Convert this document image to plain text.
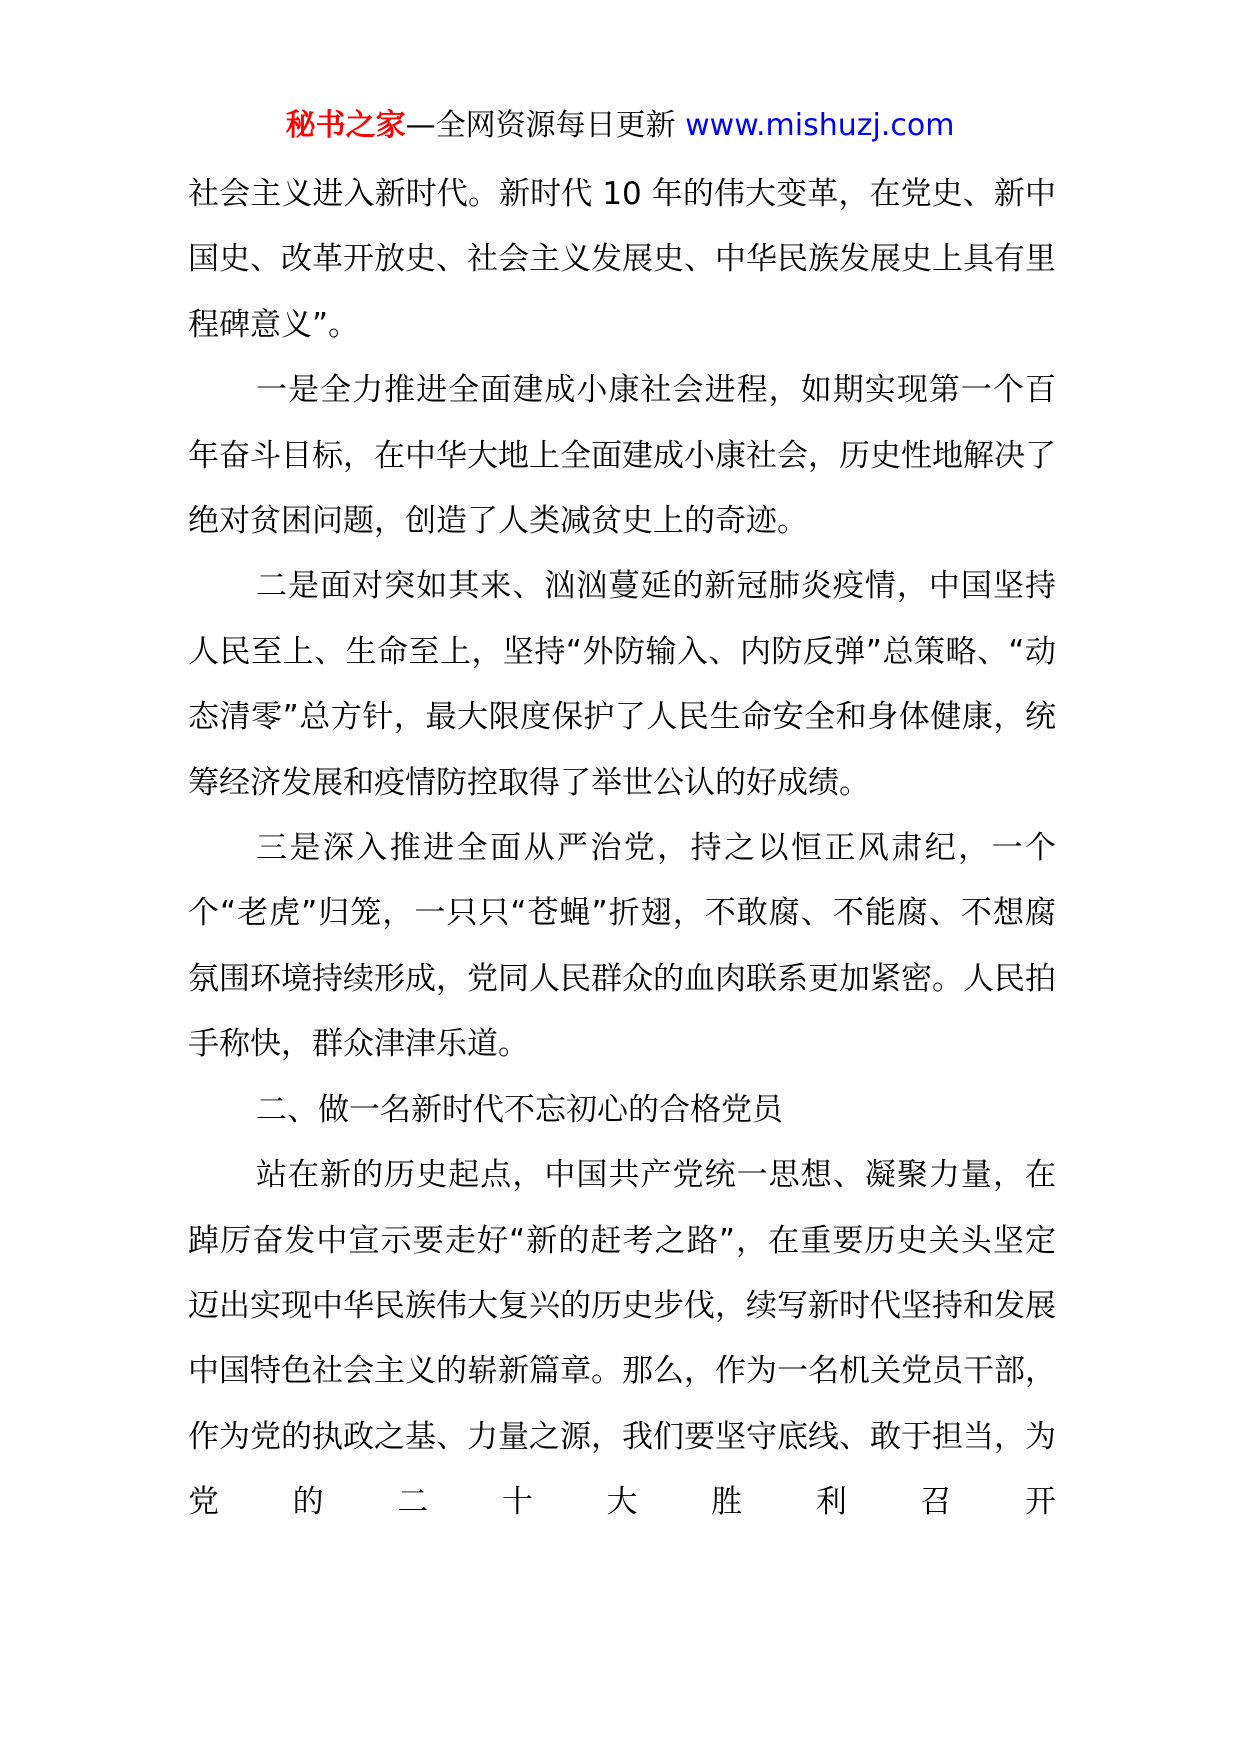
秘书之家—全网资源每日更新 www.mishuzj.com

社会主义进入新时代。新时代 10 年的伟大变革，在党史、新中国史、改革开放史、社会主义发展史、中华民族发展史上具有里程碑意义”。

一是全力推进全面建成小康社会进程，如期实现第一个百年奋斗目标，在中华大地上全面建成小康社会，历史性地解决了绝对贫困问题，创造了人类减贫史上的奇迹。

二是面对突如其来、汹汹蔓延的新冠肺炎疫情，中国坚持人民至上、生命至上，坚持“外防输入、内防反弹”总策略、“动态清零”总方针，最大限度保护了人民生命安全和身体健康，统筹经济发展和疫情防控取得了举世公认的好成绩。

三是深入推进全面从严治党，持之以恒正风肃纪，一个个“老虎”归笼，一只只“苍蝇”折翅，不敢腐、不能腐、不想腐氛围环境持续形成，党同人民群众的血肉联系更加紧密。人民拍手称快，群众津津乐道。

二、做一名新时代不忘初心的合格党员

站在新的历史起点，中国共产党统一思想、凝聚力量，在踔厉奋发中宣示要走好“新的赶考之路”，在重要历史关头坚定迈出实现中华民族伟大复兴的历史步伐，续写新时代坚持和发展中国特色社会主义的崭新篇章。那么，作为一名机关党员干部，作为党的执政之基、力量之源，我们要坚守底线、敢于担当，为党的二十大胜利召开
